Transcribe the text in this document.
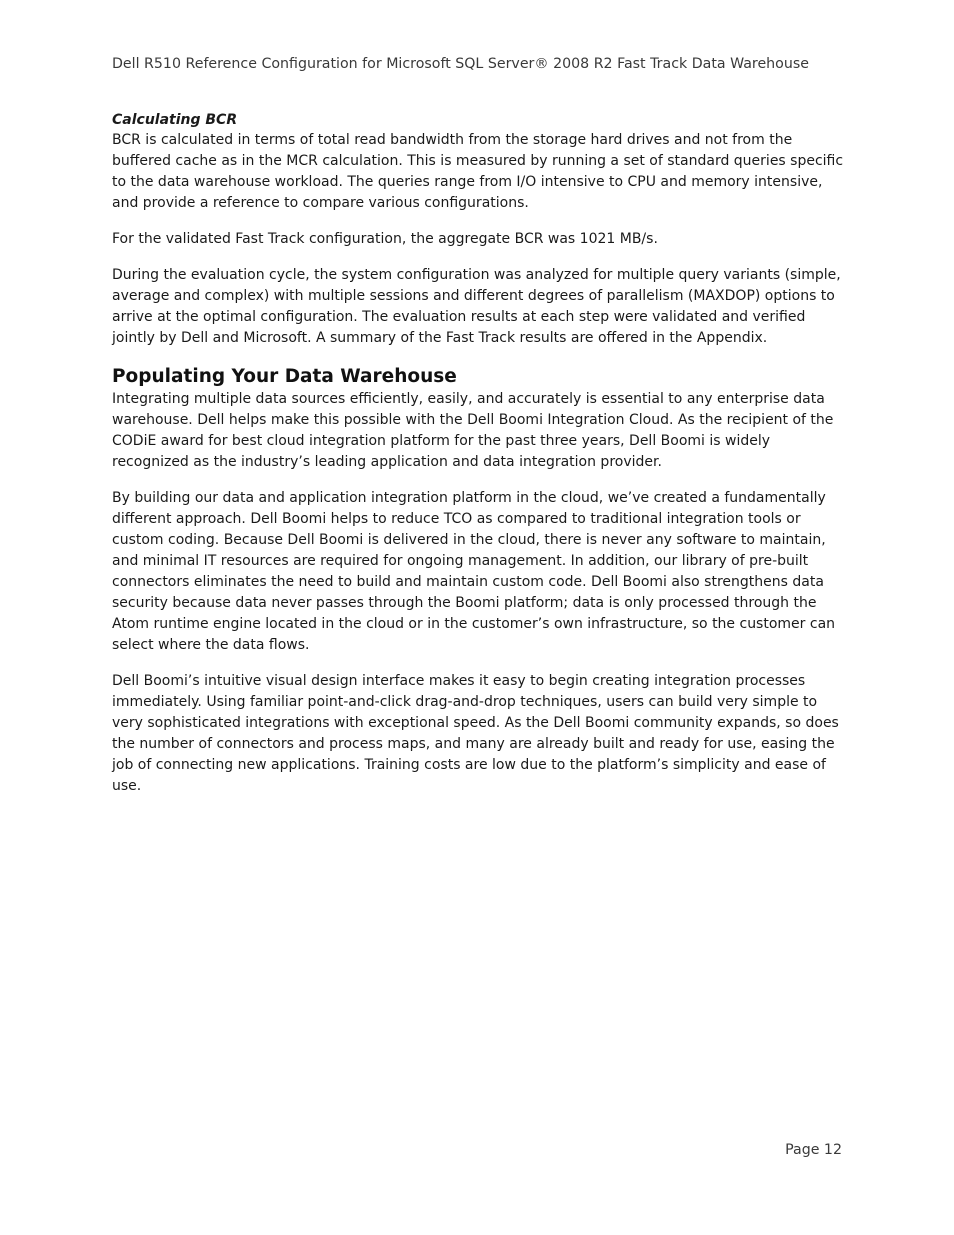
Dell R510 Reference Configuration for Microsoft SQL Server® 2008 R2 Fast Track Data Warehouse
Calculating BCR

BCR is calculated in terms of total read bandwidth from the storage hard drives and not from the buffered cache as in the MCR calculation. This is measured by running a set of standard queries specific to the data warehouse workload. The queries range from I/O intensive to CPU and memory intensive, and provide a reference to compare various configurations.

For the validated Fast Track configuration, the aggregate BCR was 1021 MB/s.

During the evaluation cycle, the system configuration was analyzed for multiple query variants (simple, average and complex) with multiple sessions and different degrees of parallelism (MAXDOP) options to arrive at the optimal configuration. The evaluation results at each step were validated and verified jointly by Dell and Microsoft. A summary of the Fast Track results are offered in the Appendix.

Populating Your Data Warehouse

Integrating multiple data sources efficiently, easily, and accurately is essential to any enterprise data warehouse. Dell helps make this possible with the Dell Boomi Integration Cloud. As the recipient of the CODiE award for best cloud integration platform for the past three years, Dell Boomi is widely recognized as the industry’s leading application and data integration provider.

By building our data and application integration platform in the cloud, we’ve created a fundamentally different approach. Dell Boomi helps to reduce TCO as compared to traditional integration tools or custom coding. Because Dell Boomi is delivered in the cloud, there is never any software to maintain, and minimal IT resources are required for ongoing management. In addition, our library of pre-built connectors eliminates the need to build and maintain custom code. Dell Boomi also strengthens data security because data never passes through the Boomi platform; data is only processed through the Atom runtime engine located in the cloud or in the customer’s own infrastructure, so the customer can select where the data flows.

Dell Boomi’s intuitive visual design interface makes it easy to begin creating integration processes immediately. Using familiar point-and-click drag-and-drop techniques, users can build very simple to very sophisticated integrations with exceptional speed. As the Dell Boomi community expands, so does the number of connectors and process maps, and many are already built and ready for use, easing the job of connecting new applications. Training costs are low due to the platform’s simplicity and ease of use.

Page 12
